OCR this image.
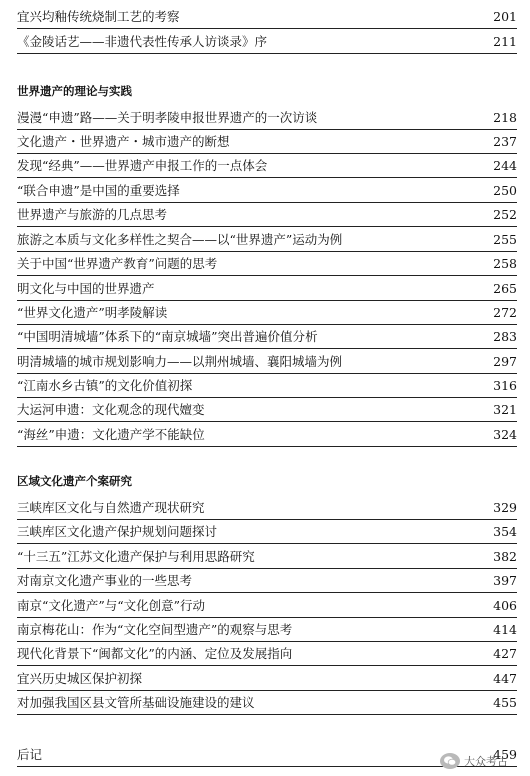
宜兴均釉传统烧制工艺的考察	201
《金陵话艺——非遗代表性传承人访谈录》序	211
世界遗产的理论与实践
漫漫“申遗”路——关于明孝陵申报世界遗产的一次访谈	218
文化遗产・世界遗产・城市遗产的断想	237
发现“经典”——世界遗产申报工作的一点体会	244
“联合申遗”是中国的重要选择	250
世界遗产与旅游的几点思考	252
旅游之本质与文化多样性之契合——以“世界遗产”运动为例	255
关于中国“世界遗产教育”问题的思考	258
明文化与中国的世界遗产	265
“世界文化遗产”明孝陵解读	272
“中国明清城墙”体系下的“南京城墙”突出普遍价值分析	283
明清城墙的城市规划影响力——以荆州城墙、襄阳城墙为例	297
“江南水乡古镇”的文化价值初探	316
大运河申遗：文化观念的现代嬗变	321
“海丝”申遗：文化遗产学不能缺位	324
区域文化遗产个案研究
三峡库区文化与自然遗产现状研究	329
三峡库区文化遗产保护规划问题探讨	354
“十三五”江苏文化遗产保护与利用思路研究	382
对南京文化遗产事业的一些思考	397
南京“文化遗产”与“文化创意”行动	406
南京梅花山：作为“文化空间型遗产”的观察与思考	414
现代化背景下“闽都文化”的内涵、定位及发展指向	427
宜兴历史城区保护初探	447
对加强我国区县文管所基础设施建设的建议	455
后记	459
大众考古
